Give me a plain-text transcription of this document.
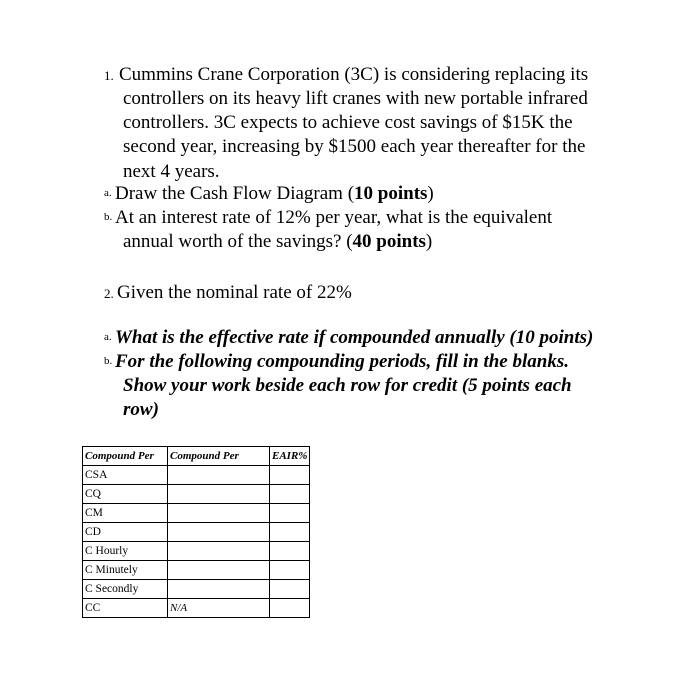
1. Cummins Crane Corporation (3C) is considering replacing its
controllers on its heavy lift cranes with new portable infrared
controllers. 3C expects to achieve cost savings of $15K the
second year, increasing by $1500 each year thereafter for the
next 4 years.
a. Draw the Cash Flow Diagram (10 points)
b. At an interest rate of 12% per year, what is the equivalent
annual worth of the savings? (40 points)
2. Given the nominal rate of 22%
a. What is the effective rate if compounded annually (10 points)
b. For the following compounding periods, fill in the blanks.
Show your work beside each row for credit (5 points each
row)
Compound Per	Compound Per	EAIR%
CSA		
CQ		
CM		
CD		
C Hourly		
C Minutely		
C Secondly		
CC	N/A	
